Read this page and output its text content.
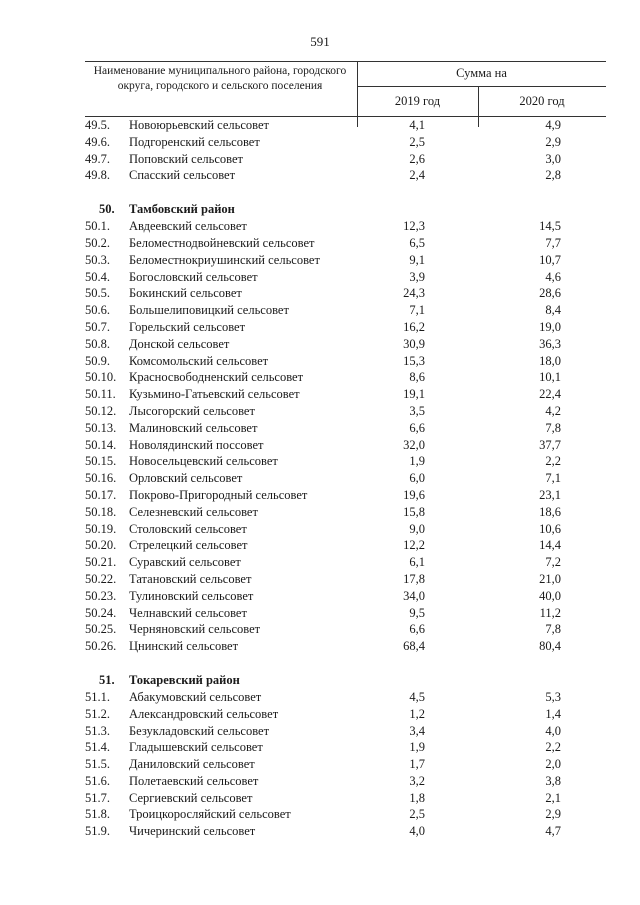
591
Наименование муниципального района, городского округа, городского и сельского поселения
Сумма на
2019 год	2020 год
49.5. Новоюрьевский сельсовет	4,1	4,9
49.6. Подгоренский сельсовет	2,5	2,9
49.7. Поповский сельсовет	2,6	3,0
49.8. Спасский сельсовет	2,4	2,8
50. Тамбовский район
50.1. Авдеевский сельсовет	12,3	14,5
50.2. Беломестнодвойневский сельсовет	6,5	7,7
50.3. Беломестнокриушинский сельсовет	9,1	10,7
50.4. Богословский сельсовет	3,9	4,6
50.5. Бокинский сельсовет	24,3	28,6
50.6. Большелиповицкий сельсовет	7,1	8,4
50.7. Горельский сельсовет	16,2	19,0
50.8. Донской сельсовет	30,9	36,3
50.9. Комсомольский сельсовет	15,3	18,0
50.10. Красносвободненский сельсовет	8,6	10,1
50.11. Кузьмино-Гатьевский сельсовет	19,1	22,4
50.12. Лысогорский сельсовет	3,5	4,2
50.13. Малиновский сельсовет	6,6	7,8
50.14. Новолядинский поссовет	32,0	37,7
50.15. Новосельцевский сельсовет	1,9	2,2
50.16. Орловский сельсовет	6,0	7,1
50.17. Покрово-Пригородный сельсовет	19,6	23,1
50.18. Селезневский сельсовет	15,8	18,6
50.19. Столовский сельсовет	9,0	10,6
50.20. Стрелецкий сельсовет	12,2	14,4
50.21. Суравский сельсовет	6,1	7,2
50.22. Татановский сельсовет	17,8	21,0
50.23. Тулиновский сельсовет	34,0	40,0
50.24. Челнавский сельсовет	9,5	11,2
50.25. Черняновский сельсовет	6,6	7,8
50.26. Цнинский сельсовет	68,4	80,4
51. Токаревский район
51.1. Абакумовский сельсовет	4,5	5,3
51.2. Александровский сельсовет	1,2	1,4
51.3. Безукладовский сельсовет	3,4	4,0
51.4. Гладышевский сельсовет	1,9	2,2
51.5. Даниловский сельсовет	1,7	2,0
51.6. Полетаевский сельсовет	3,2	3,8
51.7. Сергиевский сельсовет	1,8	2,1
51.8. Троицкоросляйский сельсовет	2,5	2,9
51.9. Чичеринский сельсовет	4,0	4,7
